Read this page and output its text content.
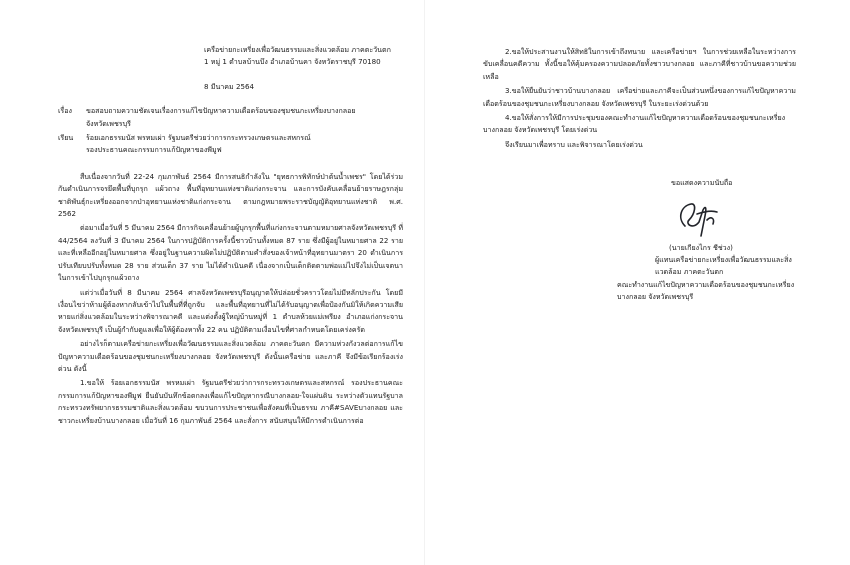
เครือข่ายกะเหรี่ยงเพื่อวัฒนธรรมและสิ่งแวดล้อม ภาคตะวันตก
1 หมู่ 1 ตำบลบ้านบึง อำเภอบ้านคา จังหวัดราชบุรี 70180
8 มีนาคม 2564
เรื่อง	ขอสอบถามความชัดเจนเรื่องการแก้ไขปัญหาความเดือดร้อนของชุมชนกะเหรี่ยงบางกลอย
จังหวัดเพชรบุรี
เรียน	ร้อยเอกธรรมนัส พรหมเผ่า รัฐมนตรีช่วยว่าการกระทรวงเกษตรและสหกรณ์
รองประธานคณะกรรมการแก้ปัญหาของพีมูฟ

สืบเนื่องจากวันที่ 22-24 กุมภาพันธ์ 2564 มีการสนธิกำลังใน "ยุทธการพิทักษ์ป่าต้นน้ำเพชร" โดยได้ร่วมกันดำเนินการจรยึดพื้นที่บุกรุก แผ้วถาง พื้นที่อุทยานแห่งชาติแก่งกระจาน และการบังคับเคลื่อนย้ายราษฎรกลุ่มชาติพันธุ์กะเหรี่ยงออกจากป่าอุทยานแห่งชาติแก่งกระจาน ตามกฎหมายพระราชบัญญัติอุทยานแห่งชาติ พ.ศ. 2562

ต่อมาเมื่อวันที่ 5 มีนาคม 2564 มีการกิจเคลื่อนย้ายผู้บุกรุกพื้นที่แก่งกระจานตามหมายศาลจังหวัดเพชรบุรี ที่ 44/2564 ลงวันที่ 3 มีนาคม 2564 ในการปฏิบัติการครั้งนี้ชาวบ้านทั้งหมด 87 ราย ซึ่งมีผู้อยู่ในหมายศาล 22 ราย และที่เหลืออีกอยู่ในหมายศาล ซึ่งอยู่ในฐานความผิดไม่ปฏิบัติตามคำสั่งของเจ้าหน้าที่อุทยานมาตรา 20 ดำเนินการปรับเทียบปรับทั้งหมด 28 ราย ส่วนเด็ก 37 ราย ไม่ได้ดำเนินคดี เนื่องจากเป็นเด็กติดตามพ่อแม่ไปจึงไม่เป็นเจตนาในการเข้าไปบุกรุกแผ้วถาง

แต่ว่าเมื่อวันที่ 8 มีนาคม 2564 ศาลจังหวัดเพชรบุรีอนุญาตให้ปล่อยชั่วคราวโดยไม่มีหลักประกัน โดยมีเงื่อนไขว่าห้ามผู้ต้องหากลับเข้าไปในพื้นที่ที่ถูกจับ และพื้นที่อุทยานที่ไม่ได้รับอนุญาตเพื่อป้องกันมิให้เกิดความเสียหายแก่สิ่งแวดล้อมในระหว่างพิจารณาคดี และแต่งตั้งผู้ใหญ่บ้านหมู่ที่ 1 ตำบลห้วยแม่เพรียง อำเภอแก่งกระจาน จังหวัดเพชรบุรี เป็นผู้กำกับดูแลเพื่อให้ผู้ต้องหาทั้ง 22 คน ปฏิบัติตามเงื่อนไขที่ศาลกำหนดโดยเคร่งครัด

อย่างไรก็ตามเครือข่ายกะเหรี่ยงเพื่อวัฒนธรรมและสิ่งแวดล้อม ภาคตะวันตก มีความห่วงกังวลต่อการแก้ไขปัญหาความเดือดร้อนของชุมชนกะเหรี่ยงบางกลอย จังหวัดเพชรบุรี ดังนั้นเครือข่าย และภาคี จึงมีข้อเรียกร้องเร่งด่วน ดังนี้

1.ขอให้ ร้อยเอกธรรมนัส พรหมเผ่า รัฐมนตรีช่วยว่าการกระทรวงเกษตรและสหกรณ์ รองประธานคณะกรรมการแก้ปัญหาของพีมูฟ ยืนยันบันทึกข้อตกลงเพื่อแก้ไขปัญหากรณีบางกลอย-ใจแผ่นดิน ระหว่างตัวแทนรัฐบาล กระทรวงทรัพยากรธรรมชาติและสิ่งแวดล้อม ขบวนการประชาชนเพื่อสังคมที่เป็นธรรม ภาคี#SAVEบางกลอย และชาวกะเหรี่ยงบ้านบางกลอย เมื่อวันที่ 16 กุมภาพันธ์ 2564 และสั่งการ สนับสนุนให้มีการดำเนินการต่อ

2.ขอให้ประสานงานให้สิทธิในการเข้าถึงทนาย และเครือข่ายฯ ในการช่วยเหลือในระหว่างการขับเคลื่อนคดีความ ทั้งนี้ขอให้คุ้มครองความปลอดภัยทั้งชาวบางกลอย และภาคีที่ชาวบ้านขอความช่วยเหลือ

3.ขอให้ยืนยันว่าชาวบ้านบางกลอย เครือข่ายและภาคีจะเป็นส่วนหนึ่งของการแก้ไขปัญหาความเดือดร้อนของชุมชนกะเหรี่ยงบางกลอย จังหวัดเพชรบุรี ในระยะเร่งด่วนด้วย

4.ขอให้สั่งการให้มีการประชุมของคณะทำงานแก้ไขปัญหาความเดือดร้อนของชุมชนกะเหรี่ยงบางกลอย จังหวัดเพชรบุรี โดยเร่งด่วน

จึงเรียนมาเพื่อทราบ และพิจารณาโดยเร่งด่วน

ขอแสดงความนับถือ
(นายเกียงไกร ชีช่วง)
ผู้แทนเครือข่ายกะเหรี่ยงเพื่อวัฒนธรรมและสิ่งแวดล้อม ภาคตะวันตก
คณะทำงานแก้ไขปัญหาความเดือดร้อนของชุมชนกะเหรี่ยงบางกลอย จังหวัดเพชรบุรี
